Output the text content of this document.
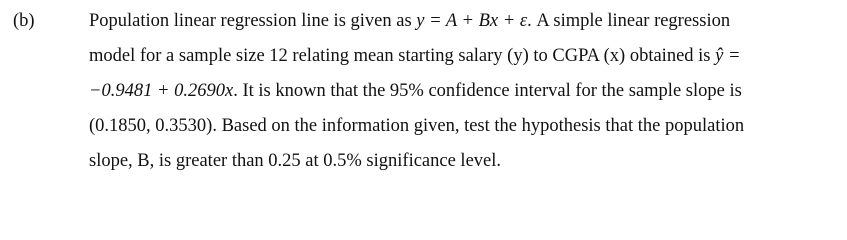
(b)	Population linear regression line is given as y = A + Bx + ε. A simple linear regression
model for a sample size 12 relating mean starting salary (y) to CGPA (x) obtained is ŷ =
−0.9481 + 0.2690x. It is known that the 95% confidence interval for the sample slope is
(0.1850, 0.3530). Based on the information given, test the hypothesis that the population
slope, B, is greater than 0.25 at 0.5% significance level.
